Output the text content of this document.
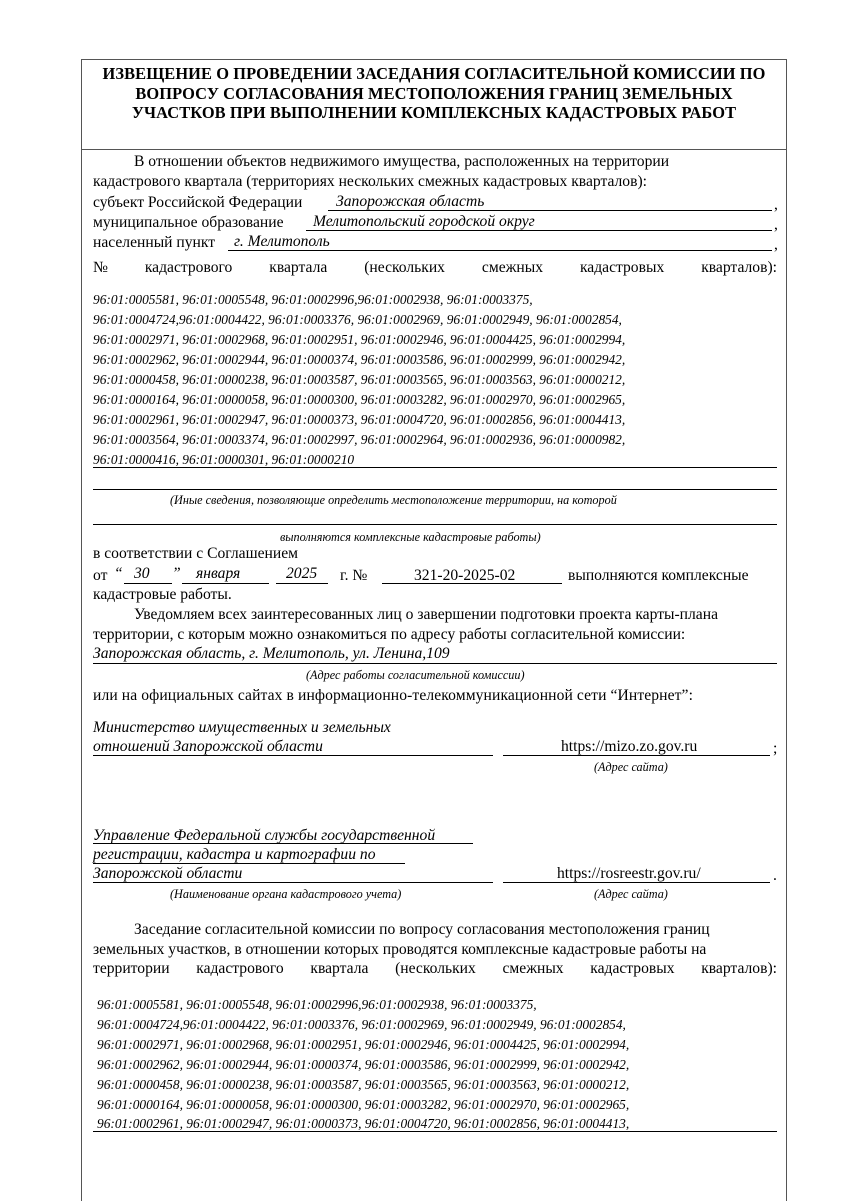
ИЗВЕЩЕНИЕ О ПРОВЕДЕНИИ ЗАСЕДАНИЯ СОГЛАСИТЕЛЬНОЙ КОМИССИИ ПО ВОПРОСУ СОГЛАСОВАНИЯ МЕСТОПОЛОЖЕНИЯ ГРАНИЦ ЗЕМЕЛЬНЫХ УЧАСТКОВ ПРИ ВЫПОЛНЕНИИ КОМПЛЕКСНЫХ КАДАСТРОВЫХ РАБОТ
В отношении объектов недвижимого имущества, расположенных на территории
кадастрового квартала (территориях нескольких смежных кадастровых кварталов):
субъект Российской Федерации Запорожская область	,
муниципальное образование Мелитопольский городской округ	,
населенный пункт г. Мелитополь	,
№ кадастрового квартала (нескольких смежных кадастровых кварталов):
96:01:0005581, 96:01:0005548, 96:01:0002996,96:01:0002938, 96:01:0003375,
96:01:0004724,96:01:0004422, 96:01:0003376, 96:01:0002969, 96:01:0002949, 96:01:0002854,
96:01:0002971, 96:01:0002968, 96:01:0002951, 96:01:0002946, 96:01:0004425, 96:01:0002994,
96:01:0002962, 96:01:0002944, 96:01:0000374, 96:01:0003586, 96:01:0002999, 96:01:0002942,
96:01:0000458, 96:01:0000238, 96:01:0003587, 96:01:0003565, 96:01:0003563, 96:01:0000212,
96:01:0000164, 96:01:0000058, 96:01:0000300, 96:01:0003282, 96:01:0002970, 96:01:0002965,
96:01:0002961, 96:01:0002947, 96:01:0000373, 96:01:0004720, 96:01:0002856, 96:01:0004413,
96:01:0003564, 96:01:0003374, 96:01:0002997, 96:01:0002964, 96:01:0002936, 96:01:0000982,
96:01:0000416, 96:01:0000301, 96:01:0000210
(Иные сведения, позволяющие определить местоположение территории, на которой
выполняются комплексные кадастровые работы)
в соответствии с Соглашением
от “ 30 ” января	2025 г. №	321-20-2025-02	выполняются комплексные
кадастровые работы.
Уведомляем всех заинтересованных лиц о завершении подготовки проекта карты-плана
территории, с которым можно ознакомиться по адресу работы согласительной комиссии:
Запорожская область, г. Мелитополь, ул. Ленина,109
(Адрес работы согласительной комиссии)
или на официальных сайтах в информационно-телекоммуникационной сети “Интернет”:
Министерство имущественных и земельных
отношений Запорожской области	https://mizo.zo.gov.ru	;
(Адрес сайта)
Управление Федеральной службы государственной
регистрации, кадастра и картографии по
Запорожской области	https://rosreestr.gov.ru/	.
(Наименование органа кадастрового учета)	(Адрес сайта)
Заседание согласительной комиссии по вопросу согласования местоположения границ
земельных участков, в отношении которых проводятся комплексные кадастровые работы на
территории кадастрового квартала (нескольких смежных кадастровых кварталов):
96:01:0005581, 96:01:0005548, 96:01:0002996,96:01:0002938, 96:01:0003375,
96:01:0004724,96:01:0004422, 96:01:0003376, 96:01:0002969, 96:01:0002949, 96:01:0002854,
96:01:0002971, 96:01:0002968, 96:01:0002951, 96:01:0002946, 96:01:0004425, 96:01:0002994,
96:01:0002962, 96:01:0002944, 96:01:0000374, 96:01:0003586, 96:01:0002999, 96:01:0002942,
96:01:0000458, 96:01:0000238, 96:01:0003587, 96:01:0003565, 96:01:0003563, 96:01:0000212,
96:01:0000164, 96:01:0000058, 96:01:0000300, 96:01:0003282, 96:01:0002970, 96:01:0002965,
96:01:0002961, 96:01:0002947, 96:01:0000373, 96:01:0004720, 96:01:0002856, 96:01:0004413,
